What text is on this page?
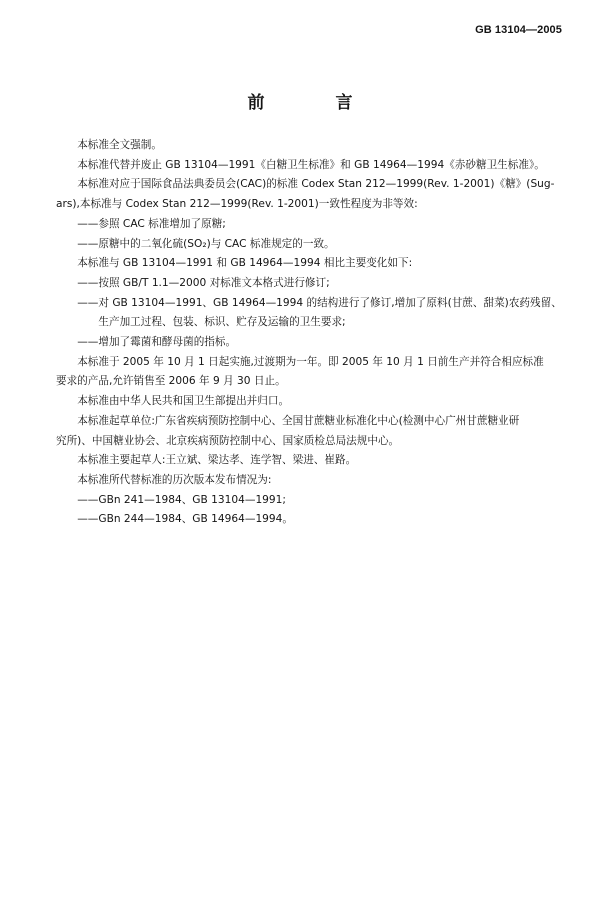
GB 13104—2005
前　言

本标准全文强制。

本标准代替并废止 GB 13104—1991《白糖卫生标准》和 GB 14964—1994《赤砂糖卫生标准》。

本标准对应于国际食品法典委员会(CAC)的标准 Codex Stan 212—1999(Rev. 1-2001)《糖》(Sug-

ars),本标准与 Codex Stan 212—1999(Rev. 1-2001)一致性程度为非等效:

——参照 CAC 标准增加了原糖;

——原糖中的二氧化硫(SO₂)与 CAC 标准规定的一致。

本标准与 GB 13104—1991 和 GB 14964—1994 相比主要变化如下:

——按照 GB/T 1.1—2000 对标准文本格式进行修订;

——对 GB 13104—1991、GB 14964—1994 的结构进行了修订,增加了原料(甘蔗、甜菜)农药残留、

生产加工过程、包装、标识、贮存及运输的卫生要求;

——增加了霉菌和酵母菌的指标。

本标准于 2005 年 10 月 1 日起实施,过渡期为一年。即 2005 年 10 月 1 日前生产并符合相应标准

要求的产品,允许销售至 2006 年 9 月 30 日止。

本标准由中华人民共和国卫生部提出并归口。

本标准起草单位:广东省疾病预防控制中心、全国甘蔗糖业标准化中心(检测中心广州甘蔗糖业研

究所)、中国糖业协会、北京疾病预防控制中心、国家质检总局法规中心。

本标准主要起草人:王立斌、梁达孝、连学智、梁进、崔路。

本标准所代替标准的历次版本发布情况为:

——GBn 241—1984、GB 13104—1991;

——GBn 244—1984、GB 14964—1994。
